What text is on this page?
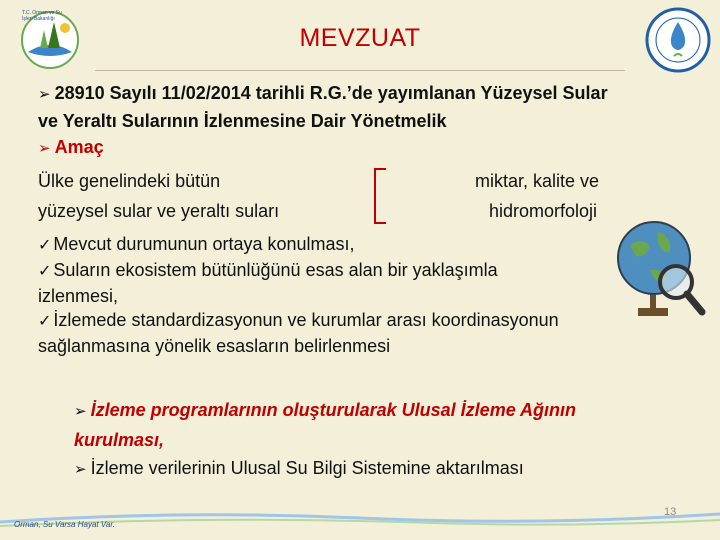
T.C. Orman ve Su İşleri Bakanlığı
MEVZUAT
➢ 28910 Sayılı 11/02/2014 tarihli R.G.’de yayımlanan Yüzeysel Sular
ve Yeraltı Sularının İzlenmesine Dair Yönetmelik
➢ Amaç
Ülke genelindeki bütün
yüzeysel sular ve yeraltı suları
miktar, kalite ve
hidromorfoloji
✓ Mevcut durumunun ortaya konulması,
✓ Suların ekosistem bütünlüğünü esas alan bir yaklaşımla
izlenmesi,
✓ İzlemede standardizasyonun ve kurumlar arası koordinasyonun
sağlanmasına yönelik esasların belirlenmesi
➢ İzleme programlarının oluşturularak Ulusal İzleme Ağının
kurulması,
➢ İzleme verilerinin Ulusal Su Bilgi Sistemine aktarılması
Orman, Su Varsa Hayat Var.
13
